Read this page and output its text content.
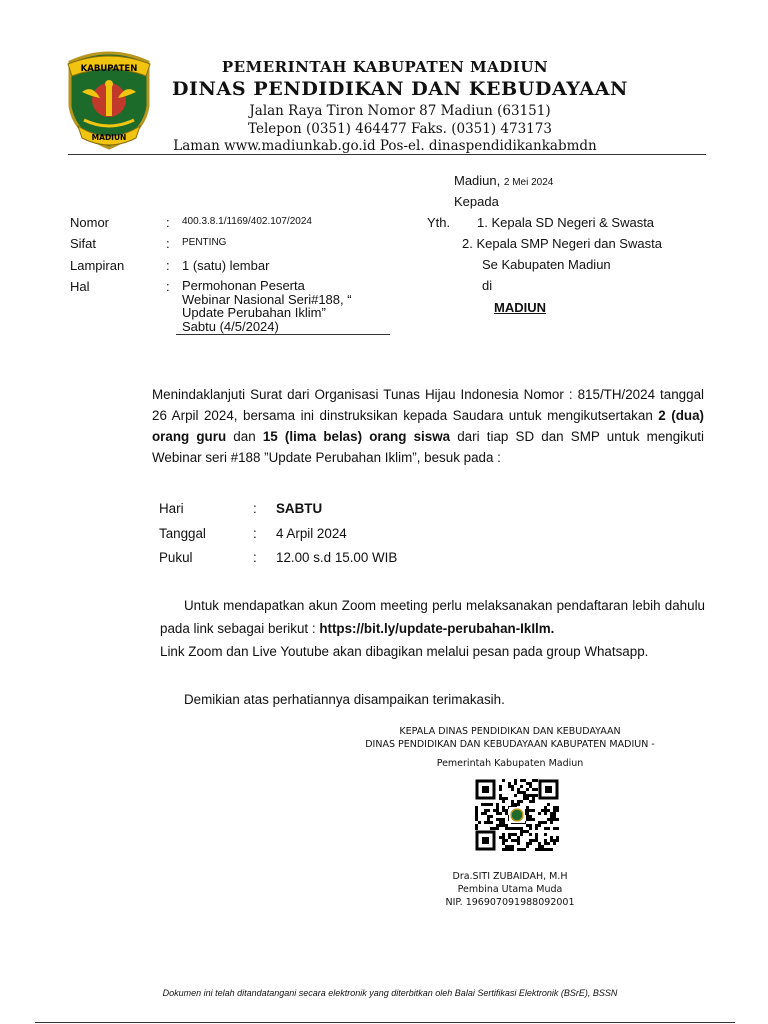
KABUPATEN
MADIUN
PEMERINTAH KABUPATEN MADIUN
DINAS PENDIDIKAN DAN KEBUDAYAAN
Jalan Raya Tiron Nomor 87 Madiun (63151)
Telepon (0351) 464477 Faks. (0351) 473173
Laman www.madiunkab.go.id Pos-el. dinaspendidikankabmdn
Madiun, 2 Mei 2024
Kepada
Yth. 1. Kepala SD Negeri & Swasta
2. Kepala SMP Negeri dan Swasta
Se Kabupaten Madiun
di
MADIUN
Nomor	: 400.3.8.1/1169/402.107/2024
Sifat	: PENTING
Lampiran	: 1 (satu) lembar
Hal	: Permohonan Peserta
Webinar Nasional Seri#188, “
Update Perubahan Iklim”
Sabtu (4/5/2024)
Menindaklanjuti Surat dari Organisasi Tunas Hijau Indonesia Nomor : 815/TH/2024 tanggal 26 Arpil 2024, bersama ini dinstruksikan kepada Saudara untuk mengikutsertakan 2 (dua) orang guru dan 15 (lima belas) orang siswa dari tiap SD dan SMP untuk mengikuti Webinar seri #188 ”Update Perubahan Iklim”, besuk pada :
Hari	: SABTU
Tanggal	: 4 Arpil 2024
Pukul	: 12.00 s.d 15.00 WIB
Untuk mendapatkan akun Zoom meeting perlu melaksanakan pendaftaran lebih dahulu pada link sebagai berikut : https://bit.ly/update-perubahan-IkIlm.
Link Zoom dan Live Youtube akan dibagikan melalui pesan pada group Whatsapp.
Demikian atas perhatiannya disampaikan terimakasih.
KEPALA DINAS PENDIDIKAN DAN KEBUDAYAAN
DINAS PENDIDIKAN DAN KEBUDAYAAN KABUPATEN MADIUN -
Pemerintah Kabupaten Madiun
Dra.SITI ZUBAIDAH, M.H
Pembina Utama Muda
NIP. 196907091988092001
Dokumen ini telah ditandatangani secara elektronik yang diterbitkan oleh Balai Sertifikasi Elektronik (BSrE), BSSN
